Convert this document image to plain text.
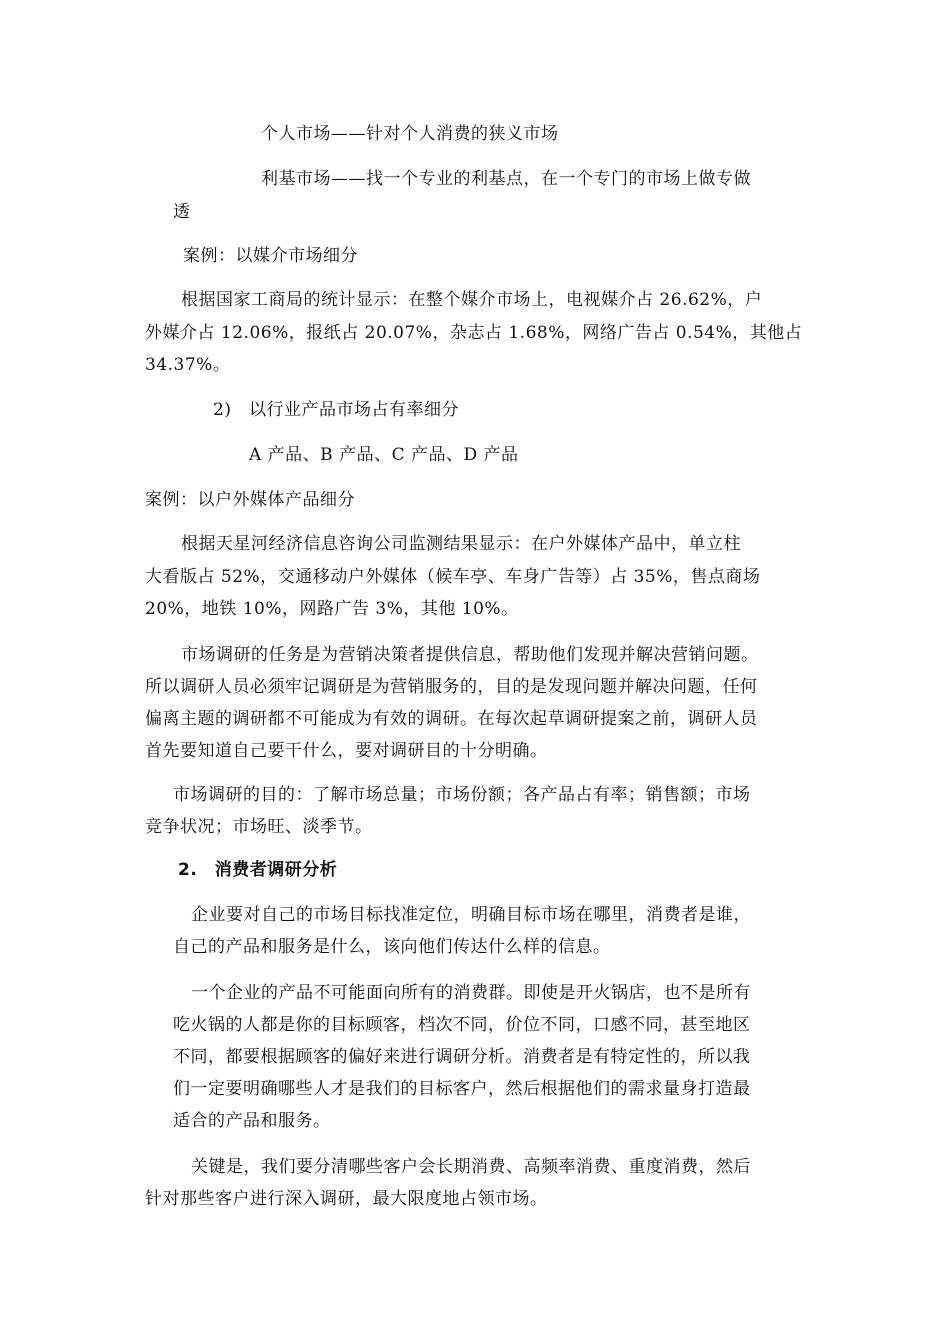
个人市场——针对个人消费的狭义市场
利基市场——找一个专业的利基点，在一个专门的市场上做专做
透
案例：以媒介市场细分
根据国家工商局的统计显示：在整个媒介市场上，电视媒介占 26.62%，户
外媒介占 12.06%，报纸占 20.07%，杂志占 1.68%，网络广告占 0.54%，其他占
34.37%。
2)　以行业产品市场占有率细分
A 产品、B 产品、C 产品、D 产品
案例：以户外媒体产品细分
根据天星河经济信息咨询公司监测结果显示：在户外媒体产品中，单立柱
大看版占 52%，交通移动户外媒体（候车亭、车身广告等）占 35%，售点商场
20%，地铁 10%，网路广告 3%，其他 10%。
市场调研的任务是为营销决策者提供信息，帮助他们发现并解决营销问题。
所以调研人员必须牢记调研是为营销服务的，目的是发现问题并解决问题，任何
偏离主题的调研都不可能成为有效的调研。在每次起草调研提案之前，调研人员
首先要知道自己要干什么，要对调研目的十分明确。
市场调研的目的：了解市场总量；市场份额；各产品占有率；销售额；市场
竞争状况；市场旺、淡季节。
2.　消费者调研分析
企业要对自己的市场目标找准定位，明确目标市场在哪里，消费者是谁，
自己的产品和服务是什么，该向他们传达什么样的信息。
一个企业的产品不可能面向所有的消费群。即使是开火锅店，也不是所有
吃火锅的人都是你的目标顾客，档次不同，价位不同，口感不同，甚至地区
不同，都要根据顾客的偏好来进行调研分析。消费者是有特定性的，所以我
们一定要明确哪些人才是我们的目标客户，然后根据他们的需求量身打造最
适合的产品和服务。
关键是，我们要分清哪些客户会长期消费、高频率消费、重度消费，然后
针对那些客户进行深入调研，最大限度地占领市场。
